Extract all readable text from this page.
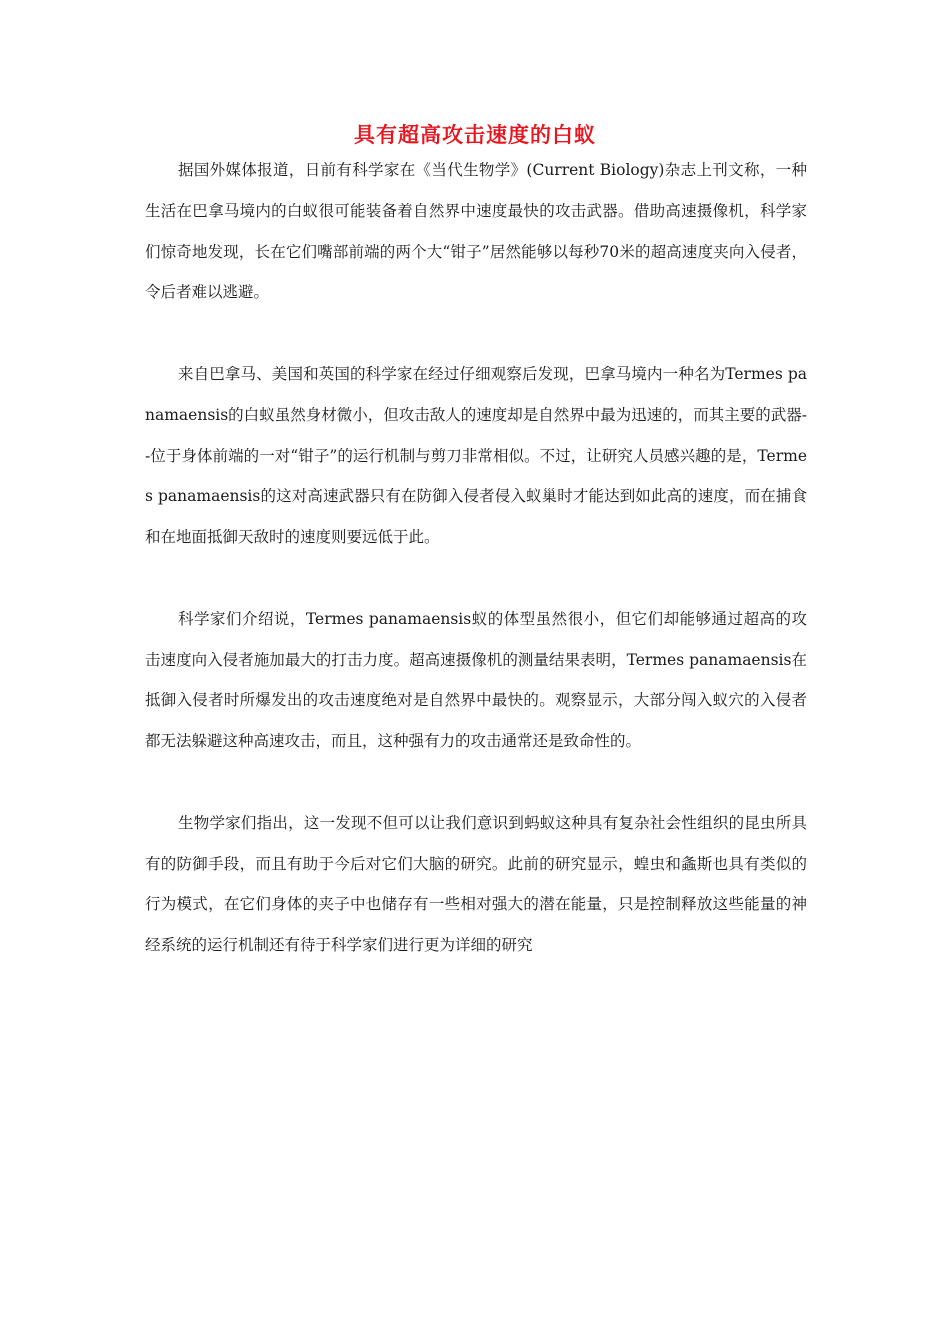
具有超高攻击速度的白蚁

据国外媒体报道，日前有科学家在《当代生物学》(Current Biology)杂志上刊文称，一种生活在巴拿马境内的白蚁很可能装备着自然界中速度最快的攻击武器。借助高速摄像机，科学家们惊奇地发现，长在它们嘴部前端的两个大“钳子”居然能够以每秒70米的超高速度夹向入侵者，令后者难以逃避。

来自巴拿马、美国和英国的科学家在经过仔细观察后发现，巴拿马境内一种名为Termes panamaensis的白蚁虽然身材微小，但攻击敌人的速度却是自然界中最为迅速的，而其主要的武器--位于身体前端的一对“钳子”的运行机制与剪刀非常相似。不过，让研究人员感兴趣的是，Termes panamaensis的这对高速武器只有在防御入侵者侵入蚁巢时才能达到如此高的速度，而在捕食和在地面抵御天敌时的速度则要远低于此。

科学家们介绍说，Termes panamaensis蚁的体型虽然很小，但它们却能够通过超高的攻击速度向入侵者施加最大的打击力度。超高速摄像机的测量结果表明，Termes panamaensis在抵御入侵者时所爆发出的攻击速度绝对是自然界中最快的。观察显示，大部分闯入蚁穴的入侵者都无法躲避这种高速攻击，而且，这种强有力的攻击通常还是致命性的。

生物学家们指出，这一发现不但可以让我们意识到蚂蚁这种具有复杂社会性组织的昆虫所具有的防御手段，而且有助于今后对它们大脑的研究。此前的研究显示，蝗虫和螽斯也具有类似的行为模式，在它们身体的夹子中也储存有一些相对强大的潜在能量，只是控制释放这些能量的神经系统的运行机制还有待于科学家们进行更为详细的研究
